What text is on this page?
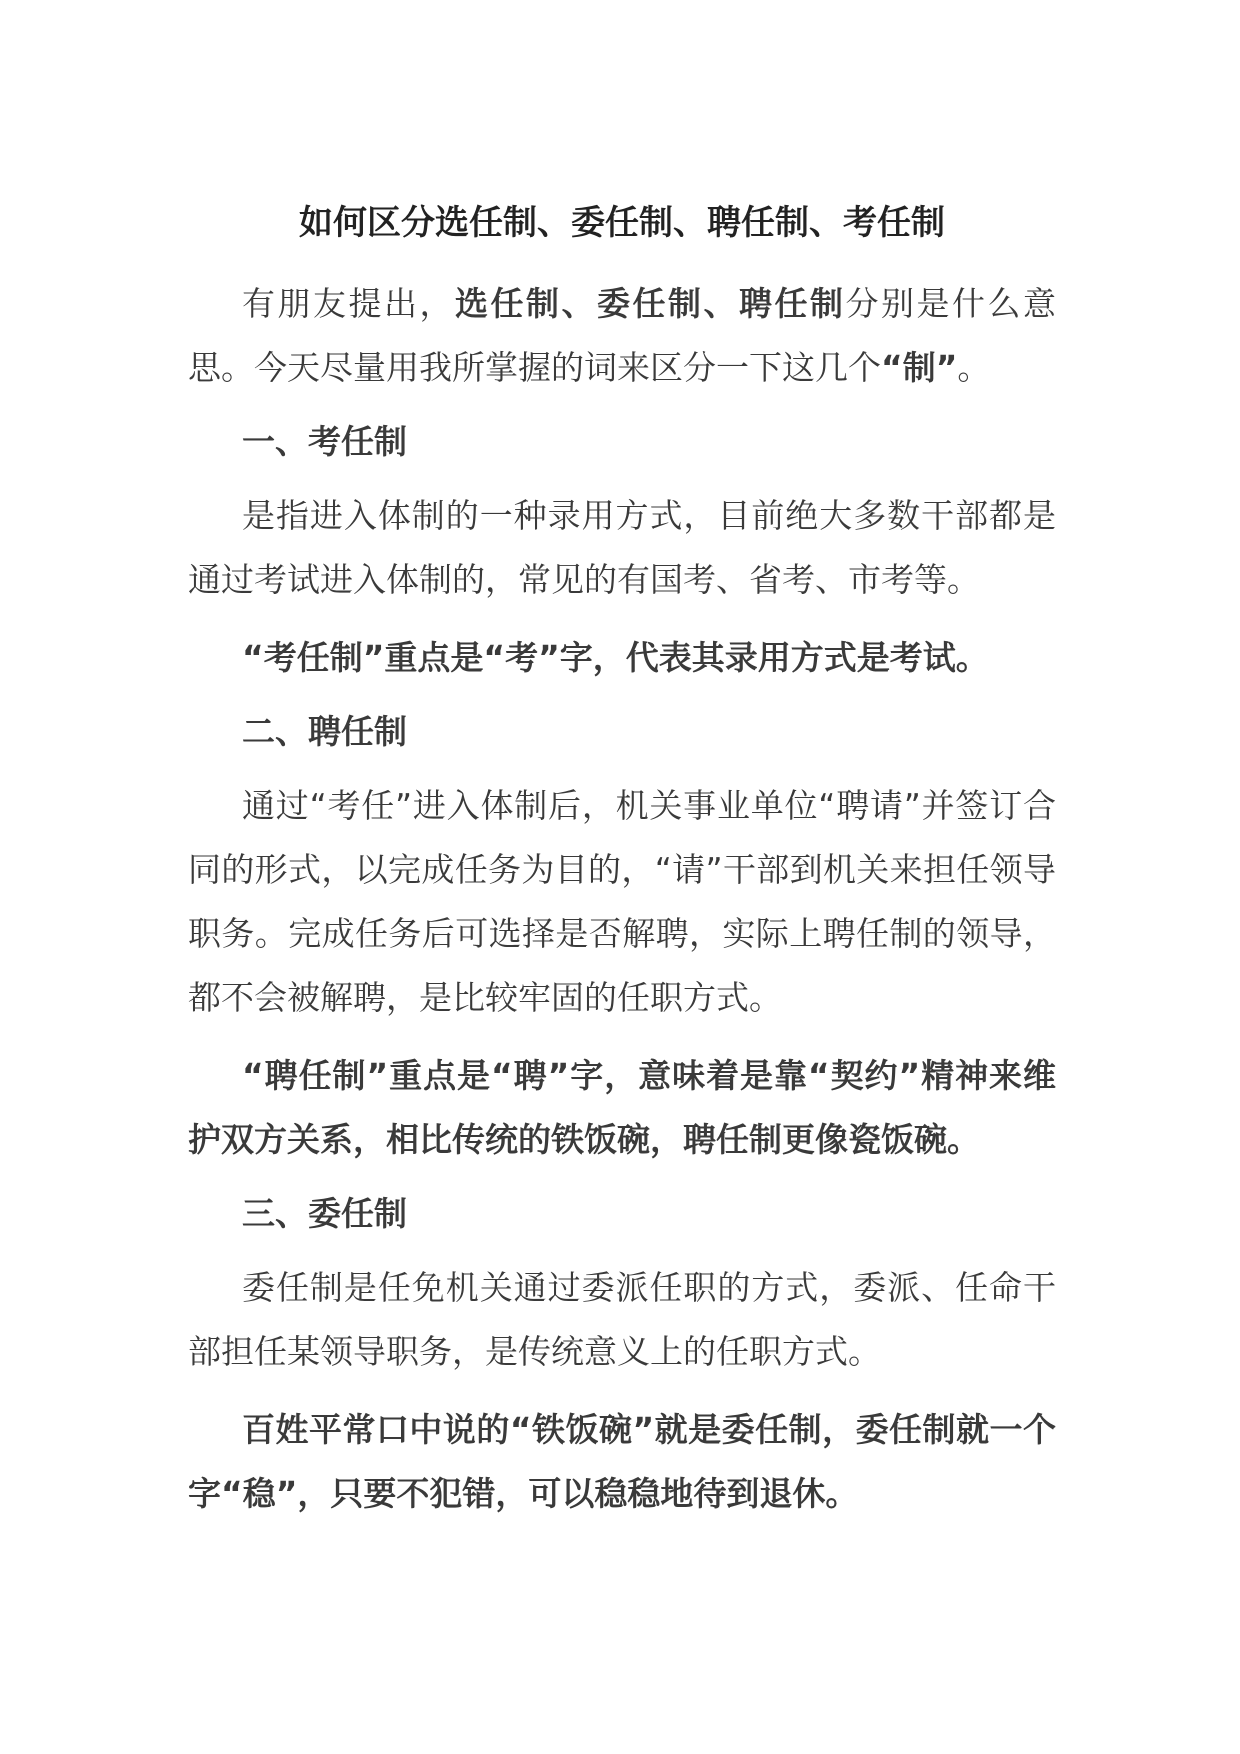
如何区分选任制、委任制、聘任制、考任制

有朋友提出，选任制、委任制、聘任制分别是什么意思。今天尽量用我所掌握的词来区分一下这几个“制”。

一、考任制

是指进入体制的一种录用方式，目前绝大多数干部都是通过考试进入体制的，常见的有国考、省考、市考等。

“考任制”重点是“考”字，代表其录用方式是考试。

二、聘任制

通过“考任”进入体制后，机关事业单位“聘请”并签订合同的形式，以完成任务为目的，“请”干部到机关来担任领导职务。完成任务后可选择是否解聘，实际上聘任制的领导，都不会被解聘，是比较牢固的任职方式。

“聘任制”重点是“聘”字，意味着是靠“契约”精神来维护双方关系，相比传统的铁饭碗，聘任制更像瓷饭碗。

三、委任制

委任制是任免机关通过委派任职的方式，委派、任命干部担任某领导职务，是传统意义上的任职方式。

百姓平常口中说的“铁饭碗”就是委任制，委任制就一个字“稳”，只要不犯错，可以稳稳地待到退休。
